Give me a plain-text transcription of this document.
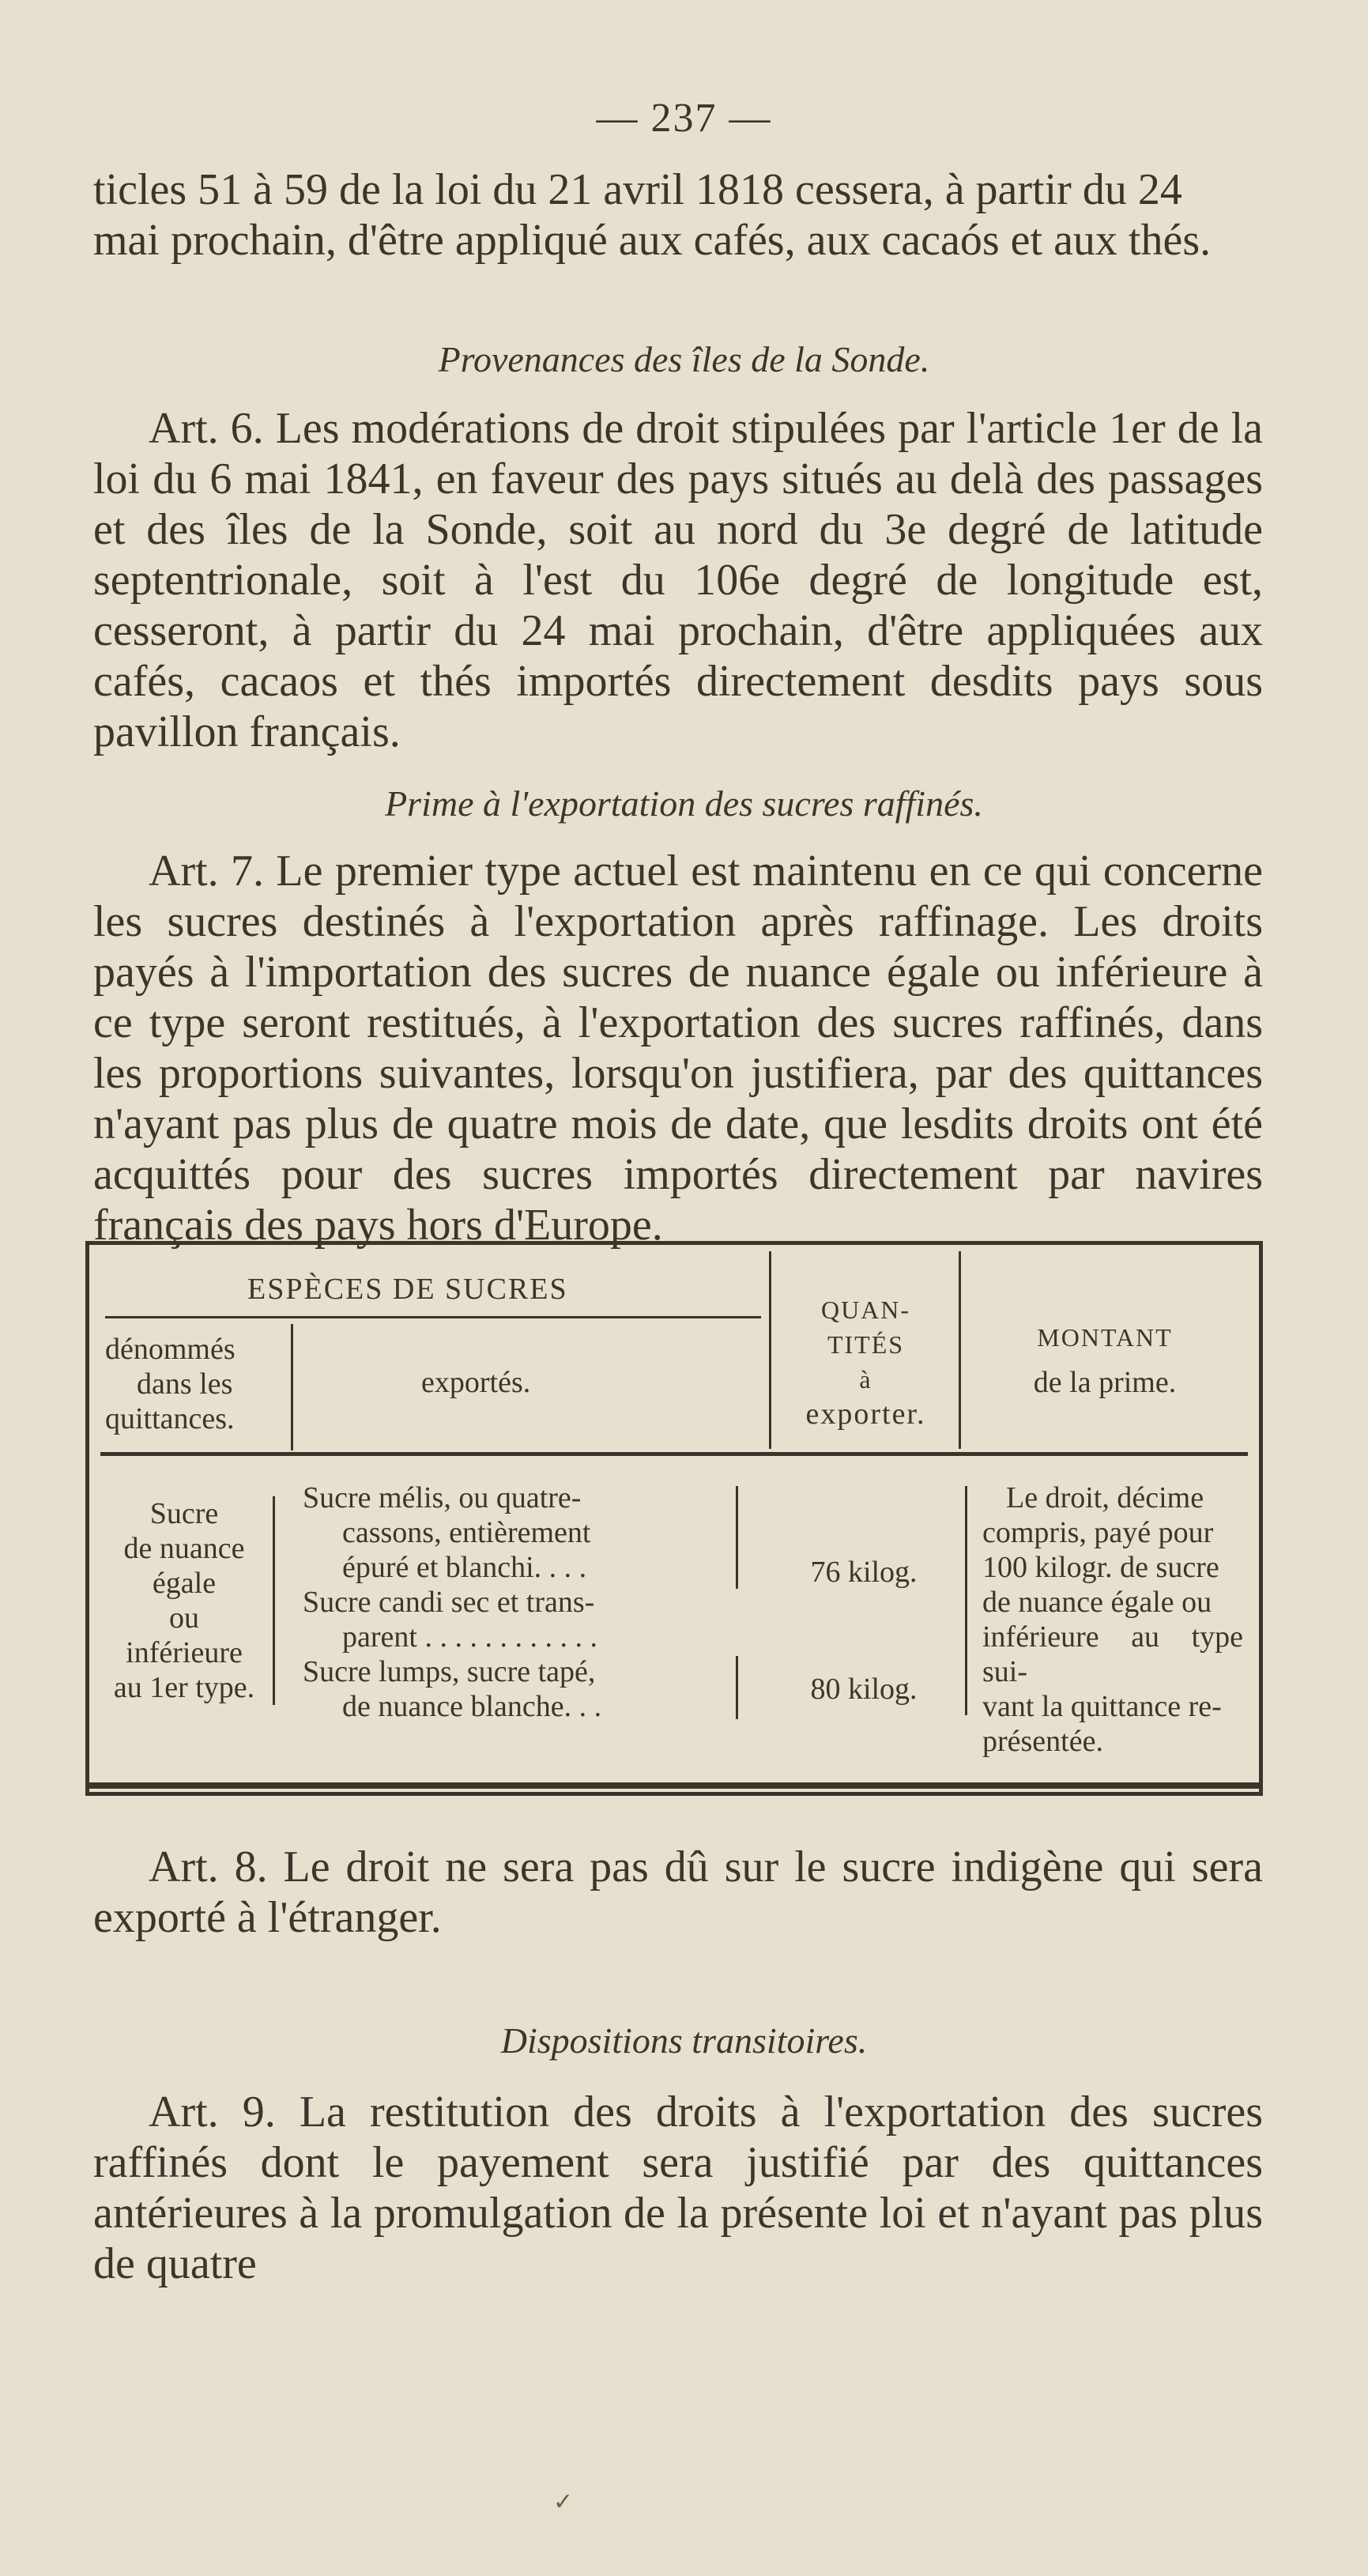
— 237 —
ticles 51 à 59 de la loi du 21 avril 1818 cessera, à partir du 24
mai prochain, d'être appliqué aux cafés, aux cacaós et aux thés.
Provenances des îles de la Sonde.
Art. 6. Les modérations de droit stipulées par l'article 1er de la loi du 6 mai 1841, en faveur des pays situés au delà des passages et des îles de la Sonde, soit au nord du 3e degré de latitude septentrionale, soit à l'est du 106e degré de longitude est, cesseront, à partir du 24 mai prochain, d'être appliquées aux cafés, cacaos et thés importés directement desdits pays sous pavillon français.
Prime à l'exportation des sucres raffinés.
Art. 7. Le premier type actuel est maintenu en ce qui concerne les sucres destinés à l'exportation après raffinage. Les droits payés à l'importation des sucres de nuance égale ou inférieure à ce type seront restitués, à l'exportation des sucres raffinés, dans les proportions suivantes, lorsqu'on justifiera, par des quittances n'ayant pas plus de quatre mois de date, que lesdits droits ont été acquittés pour des sucres importés directement par navires français des pays hors d'Europe.
ESPÈCES DE SUCRES
dénommés
dans les
quittances.
exportés.
QUAN-
TITÉS
à
exporter.
MONTANT
de la prime.
Sucre
de nuance
égale
ou
inférieure
au 1er type.
Sucre mélis, ou quatre-
cassons, entièrement
épuré et blanchi. . . .
Sucre candi sec et trans-
parent . . . . . . . . . . . .
Sucre lumps, sucre tapé,
de nuance blanche. . .
76 kilog.
80 kilog.
Le droit, décime
compris, payé pour
100 kilogr. de sucre
de nuance égale ou
inférieure au type sui-
vant la quittance re-
présentée.
Art. 8. Le droit ne sera pas dû sur le sucre indigène qui sera exporté à l'étranger.
Dispositions transitoires.
Art. 9. La restitution des droits à l'exportation des sucres raffinés dont le payement sera justifié par des quittances antérieures à la promulgation de la présente loi et n'ayant pas plus de quatre
✓
